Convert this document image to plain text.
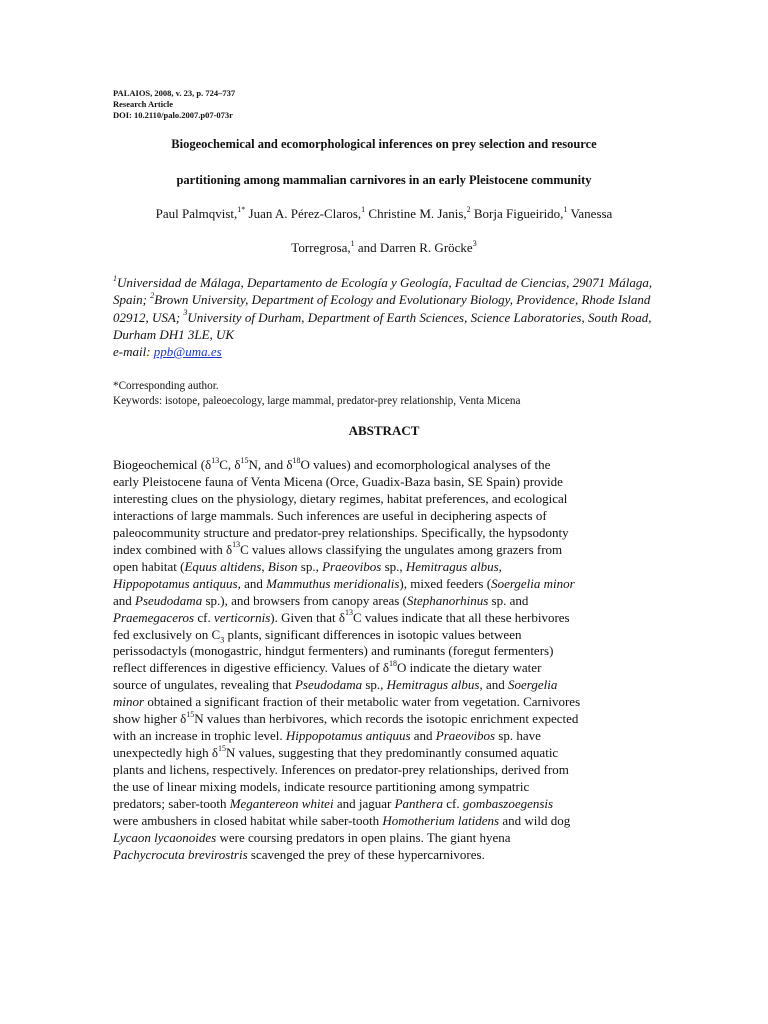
PALAIOS, 2008, v. 23, p. 724–737
Research Article
DOI: 10.2110/palo.2007.p07-073r
Biogeochemical and ecomorphological inferences on prey selection and resource
partitioning among mammalian carnivores in an early Pleistocene community
Paul Palmqvist,$^{1*}$ Juan A. Pérez-Claros,$^1$ Christine M. Janis,$^2$ Borja Figueirido,$^1$ Vanessa
Torregrosa,$^1$ and Darren R. Gröcke$^3$
$^1$Universidad de Málaga, Departamento de Ecología y Geología, Facultad de Ciencias, 29071 Málaga, Spain; $^2$Brown University, Department of Ecology and Evolutionary Biology, Providence, Rhode Island 02912, USA; $^3$University of Durham, Department of Earth Sciences, Science Laboratories, South Road, Durham DH1 3LE, UK
e-mail: ppb@uma.es
*Corresponding author.
Keywords: isotope, paleoecology, large mammal, predator-prey relationship, Venta Micena
ABSTRACT
Biogeochemical ($\delta^{13}C$, $\delta^{15}N$, and $\delta^{18}O$ values) and ecomorphological analyses of the
early Pleistocene fauna of Venta Micena (Orce, Guadix-Baza basin, SE Spain) provide
interesting clues on the physiology, dietary regimes, habitat preferences, and ecological
interactions of large mammals. Such inferences are useful in deciphering aspects of
paleocommunity structure and predator-prey relationships. Specifically, the hypsodonty
index combined with $\delta^{13}C$ values allows classifying the ungulates among grazers from
open habitat (Equus altidens, Bison sp., Praeovibos sp., Hemitragus albus,
Hippopotamus antiquus, and Mammuthus meridionalis), mixed feeders (Soergelia minor
and Pseudodama sp.), and browsers from canopy areas (Stephanorhinus sp. and
Praemegaceros cf. verticornis). Given that $\delta^{13}C$ values indicate that all these herbivores
fed exclusively on $C_3$ plants, significant differences in isotopic values between
perissodactyls (monogastric, hindgut fermenters) and ruminants (foregut fermenters)
reflect differences in digestive efficiency. Values of $\delta^{18}O$ indicate the dietary water
source of ungulates, revealing that Pseudodama sp., Hemitragus albus, and Soergelia
minor obtained a significant fraction of their metabolic water from vegetation. Carnivores
show higher $\delta^{15}N$ values than herbivores, which records the isotopic enrichment expected
with an increase in trophic level. Hippopotamus antiquus and Praeovibos sp. have
unexpectedly high $\delta^{15}N$ values, suggesting that they predominantly consumed aquatic
plants and lichens, respectively. Inferences on predator-prey relationships, derived from
the use of linear mixing models, indicate resource partitioning among sympatric
predators; saber-tooth Megantereon whitei and jaguar Panthera cf. gombaszoegensis
were ambushers in closed habitat while saber-tooth Homotherium latidens and wild dog
Lycaon lycaonoides were coursing predators in open plains. The giant hyena
Pachycrocuta brevirostris scavenged the prey of these hypercarnivores.
